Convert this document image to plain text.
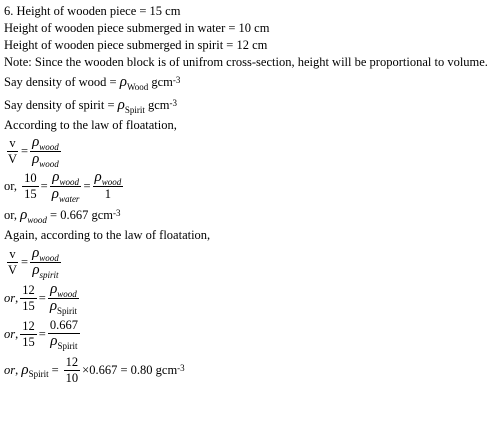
6. Height of wooden piece = 15 cm
Height of wooden piece submerged in water = 10 cm
Height of wooden piece submerged in spirit = 12 cm
Note: Since the wooden block is of unifrom cross-section, height will be proportional to volume.
Say density of wood = $\rho_{Wood}$ gcm$^{-3}$
Say density of spirit = $\rho_{Spirit}$ gcm$^{-3}$
According to the law of floatation,
$\frac{v}{V} = \frac{\rho_{wood}}{\rho_{wood}}$
or,
$\frac{10}{15} = \frac{\rho_{wood}}{\rho_{water}} = \frac{\rho_{wood}}{1}$
or, $\rho_{wood} = 0.667$ gcm$^{-3}$
Again, according to the law of floatation,
$\frac{v}{V} = \frac{\rho_{wood}}{\rho_{spirit}}$
or , $\frac{12}{15} = \frac{\rho_{wood}}{\rho_{Spirit}}$
or , $\frac{12}{15} = \frac{0.667}{\rho_{Spirit}}$
or , ρ Spirit = $\frac{12}{10} \times 0.667$
= 0.80 gcm$^{-3}$
